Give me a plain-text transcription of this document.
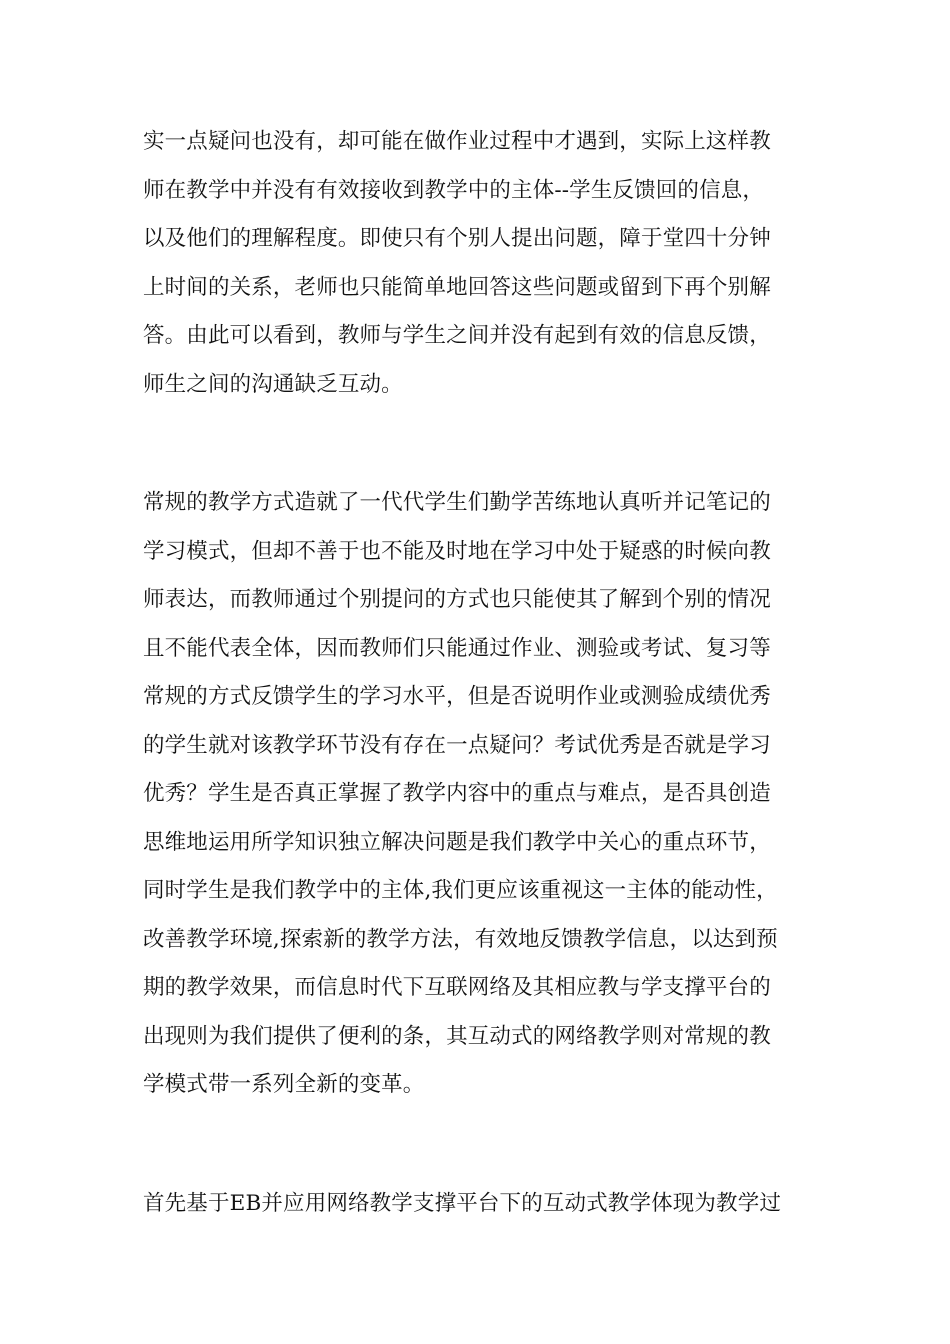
实一点疑问也没有，却可能在做作业过程中才遇到，实际上这样教
师在教学中并没有有效接收到教学中的主体--学生反馈回的信息，
以及他们的理解程度。即使只有个别人提出问题，障于堂四十分钟
上时间的关系，老师也只能简单地回答这些问题或留到下再个别解
答。由此可以看到，教师与学生之间并没有起到有效的信息反馈，
师生之间的沟通缺乏互动。

常规的教学方式造就了一代代学生们勤学苦练地认真听并记笔记的
学习模式，但却不善于也不能及时地在学习中处于疑惑的时候向教
师表达，而教师通过个别提问的方式也只能使其了解到个别的情况
且不能代表全体，因而教师们只能通过作业、测验或考试、复习等
常规的方式反馈学生的学习水平，但是否说明作业或测验成绩优秀
的学生就对该教学环节没有存在一点疑问？考试优秀是否就是学习
优秀？学生是否真正掌握了教学内容中的重点与难点，是否具创造
思维地运用所学知识独立解决问题是我们教学中关心的重点环节，
同时学生是我们教学中的主体,我们更应该重视这一主体的能动性，
改善教学环境,探索新的教学方法，有效地反馈教学信息，以达到预
期的教学效果，而信息时代下互联网络及其相应教与学支撑平台的
出现则为我们提供了便利的条，其互动式的网络教学则对常规的教
学模式带一系列全新的变革。

首先基于EB并应用网络教学支撑平台下的互动式教学体现为教学过
